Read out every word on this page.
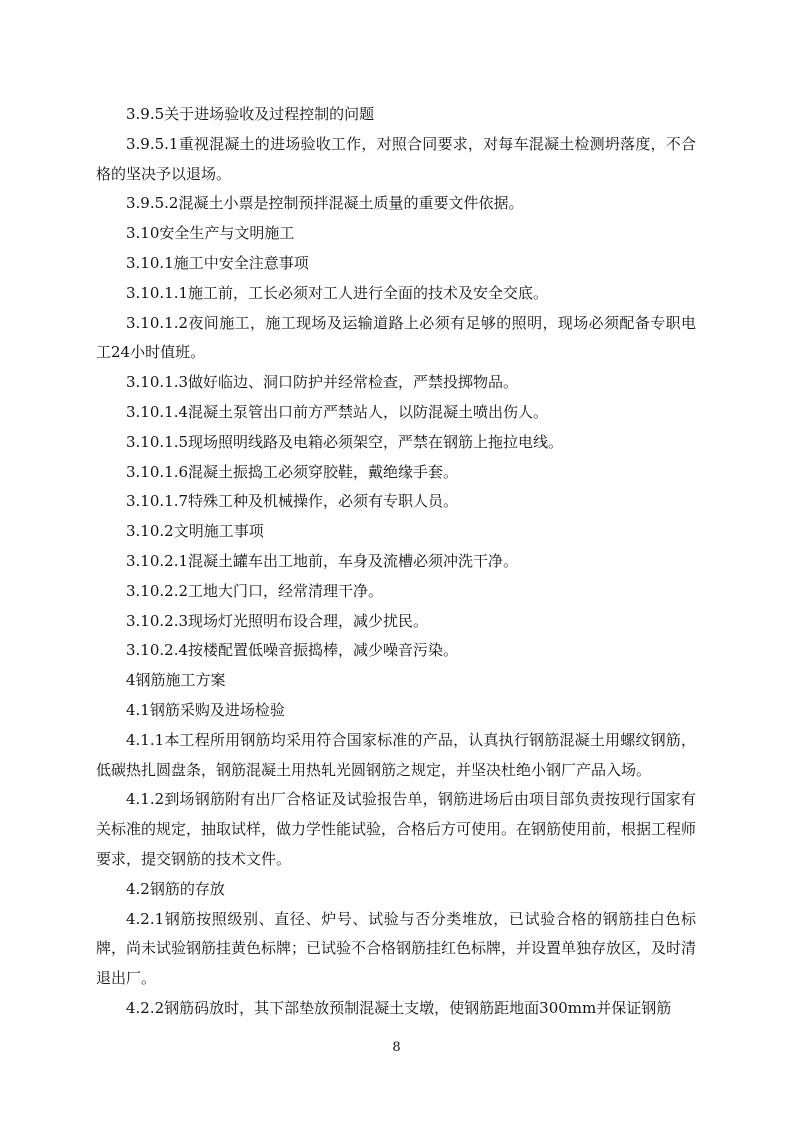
3.9.5关于进场验收及过程控制的问题

3.9.5.1重视混凝土的进场验收工作，对照合同要求，对每车混凝土检测坍落度，不合格的坚决予以退场。

3.9.5.2混凝土小票是控制预拌混凝土质量的重要文件依据。

3.10安全生产与文明施工

3.10.1施工中安全注意事项

3.10.1.1施工前，工长必须对工人进行全面的技术及安全交底。

3.10.1.2夜间施工，施工现场及运输道路上必须有足够的照明，现场必须配备专职电工24小时值班。

3.10.1.3做好临边、洞口防护并经常检查，严禁投掷物品。

3.10.1.4混凝土泵管出口前方严禁站人，以防混凝土喷出伤人。

3.10.1.5现场照明线路及电箱必须架空，严禁在钢筋上拖拉电线。

3.10.1.6混凝土振捣工必须穿胶鞋，戴绝缘手套。

3.10.1.7特殊工种及机械操作，必须有专职人员。

3.10.2文明施工事项

3.10.2.1混凝土罐车出工地前，车身及流槽必须冲洗干净。

3.10.2.2工地大门口，经常清理干净。

3.10.2.3现场灯光照明布设合理，减少扰民。

3.10.2.4按楼配置低噪音振捣棒，减少噪音污染。

4钢筋施工方案

4.1钢筋采购及进场检验

4.1.1本工程所用钢筋均采用符合国家标准的产品，认真执行钢筋混凝土用螺纹钢筋，低碳热扎圆盘条，钢筋混凝土用热轧光圆钢筋之规定，并坚决杜绝小钢厂产品入场。

4.1.2到场钢筋附有出厂合格证及试验报告单，钢筋进场后由项目部负责按现行国家有关标准的规定，抽取试样，做力学性能试验，合格后方可使用。在钢筋使用前，根据工程师要求，提交钢筋的技术文件。

4.2钢筋的存放

4.2.1钢筋按照级别、直径、炉号、试验与否分类堆放，已试验合格的钢筋挂白色标牌，尚未试验钢筋挂黄色标牌；已试验不合格钢筋挂红色标牌，并设置单独存放区，及时清退出厂。

4.2.2钢筋码放时，其下部垫放预制混凝土支墩，使钢筋距地面300mm并保证钢筋

8
